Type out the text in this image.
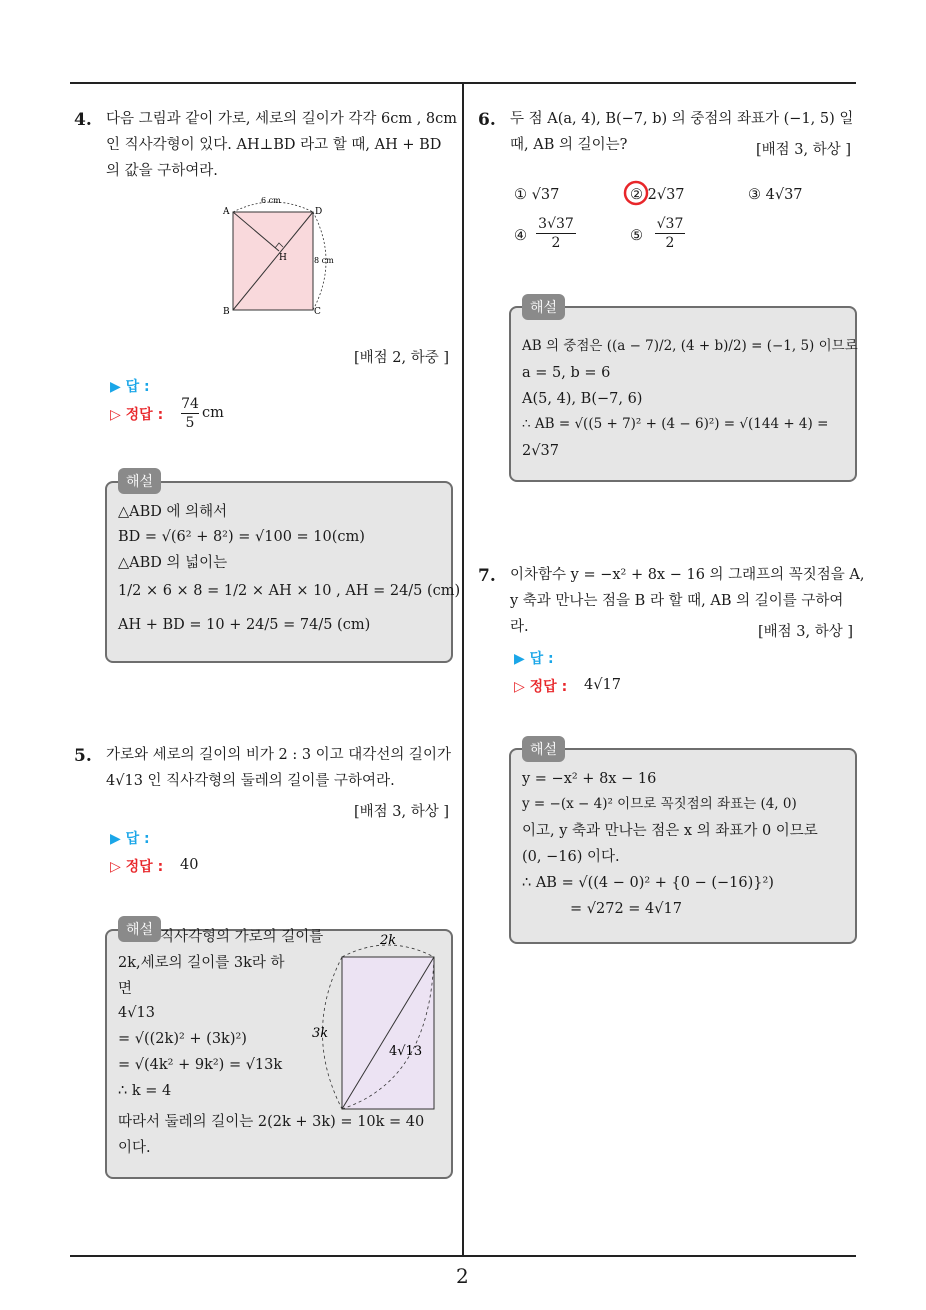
2
4. 다음 그림과 같이 가로, 세로의 길이가 각각 6cm , 8cm
인 직사각형이 있다. AH⊥BD 라고 할 때, AH + BD
의 값을 구하여라.
A	D
B	C
H
6 cm
8 cm
[배점 2, 하중 ]
▶ 답 :
▷ 정답 :
74
5
cm
해설
△ABD 에 의해서
BD = √(6² + 8²) = √100 = 10(cm)
△ABD 의 넓이는
1/2 × 6 × 8 = 1/2 × AH × 10 , AH = 24/5 (cm)
AH + BD = 10 + 24/5 = 74/5 (cm)
5. 가로와 세로의 길이의 비가 2 : 3 이고 대각선의 길이가
4√13 인 직사각형의 둘레의 길이를 구하여라.
[배점 3, 하상 ]
▶ 답 :
▷ 정답 : 40
2k
3k
4√13
해설 직사각형의 가로의 길이를
2k,세로의 길이를 3k라 하
면
4√13
= √((2k)² + (3k)²)
= √(4k² + 9k²) = √13k
∴ k = 4
따라서 둘레의 길이는 2(2k + 3k) = 10k = 40
이다.
6. 두 점 A(a, 4), B(−7, b) 의 중점의 좌표가 (−1, 5) 일
때, AB 의 길이는?	[배점 3, 하상 ]
① √37	② 2√37	③ 4√37
④
3√37
2	⑤
√37
2
해설
AB 의 중점은 ((a − 7)/2, (4 + b)/2) = (−1, 5) 이므로
a = 5, b = 6
A(5, 4), B(−7, 6)
∴ AB = √((5 + 7)² + (4 − 6)²) = √(144 + 4) =
2√37
7. 이차함수 y = −x² + 8x − 16 의 그래프의 꼭짓점을 A,
y 축과 만나는 점을 B 라 할 때, AB 의 길이를 구하여
라.	[배점 3, 하상 ]
▶ 답 :
▷ 정답 : 4√17
해설
y = −x² + 8x − 16
y = −(x − 4)² 이므로 꼭짓점의 좌표는 (4, 0)
이고, y 축과 만나는 점은 x 의 좌표가 0 이므로
(0, −16) 이다.
∴ AB = √((4 − 0)² + {0 − (−16)}²)
= √272 = 4√17
